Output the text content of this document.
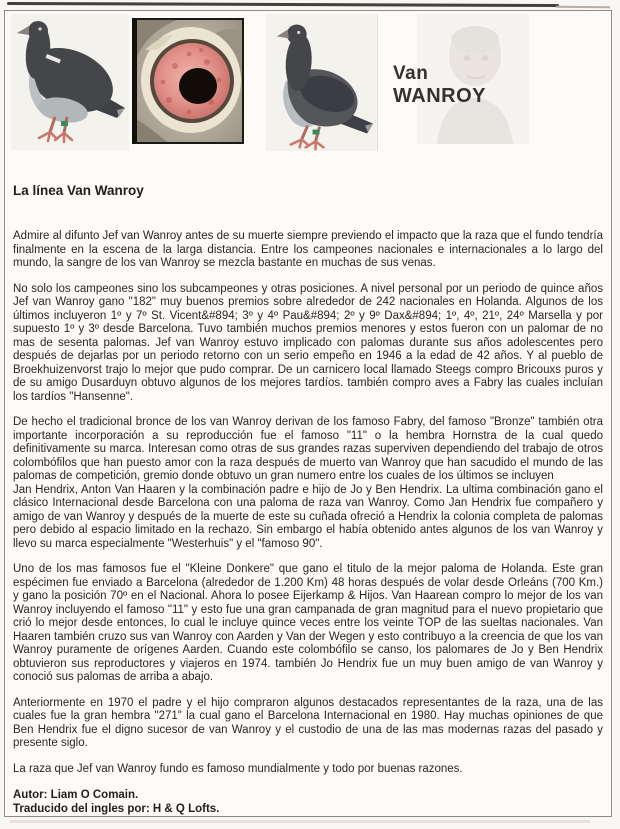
Van
WANROY
La línea Van Wanroy

Admire al difunto Jef van Wanroy antes de su muerte siempre previendo el impacto que la raza que el fundo tendría finalmente en la escena de la larga distancia. Entre los campeones nacionales e internacionales a lo largo del mundo, la sangre de los van Wanroy se mezcla bastante en muchas de sus venas.

No solo los campeones sino los subcampeones y otras posiciones. A nivel personal por un periodo de quince años Jef van Wanroy gano "182" muy buenos premios sobre alrededor de 242 nacionales en Holanda. Algunos de los últimos incluyeron 1º y 7º St. Vicent&#894; 3º y 4º Pau&#894; 2º y 9º Dax&#894; 1º, 4º, 21º, 24º Marsella y por supuesto 1º y 3º desde Barcelona. Tuvo también muchos premios menores y estos fueron con un palomar de no mas de sesenta palomas. Jef van Wanroy estuvo implicado con palomas durante sus años adolescentes pero después de dejarlas por un periodo retorno con un serio empeño en 1946 a la edad de 42 años. Y al pueblo de Broekhuizenvorst trajo lo mejor que pudo comprar. De un carnicero local llamado Steegs compro Bricouxs puros y de su amigo Dusarduyn obtuvo algunos de los mejores tardíos. también compro aves a Fabry las cuales incluían los tardíos "Hansenne".

De hecho el tradicional bronce de los van Wanroy derivan de los famoso Fabry, del famoso "Bronze" también otra importante incorporación a su reproducción fue el famoso "11" o la hembra Hornstra de la cual quedo definitivamente su marca. Interesan como otras de sus grandes razas superviven dependiendo del trabajo de otros colombófilos que han puesto amor con la raza después de muerto van Wanroy que han sacudido el mundo de las palomas de competición, gremio donde obtuvo un gran numero entre los cuales de los últimos se incluyen

Jan Hendrix, Anton Van Haaren y la combinación padre e hijo de Jo y Ben Hendrix. La ultima combinación gano el clásico Internacional desde Barcelona con una paloma de raza van Wanroy. Como Jan Hendrix fue compañero y amigo de van Wanroy y después de la muerte de este su cuñada ofreció a Hendrix la colonia completa de palomas pero debido al espacio limitado en la rechazo. Sin embargo el había obtenido antes algunos de los van Wanroy y llevo su marca especialmente "Westerhuis" y el "famoso 90".

Uno de los mas famosos fue el "Kleine Donkere" que gano el titulo de la mejor paloma de Holanda. Este gran espécimen fue enviado a Barcelona (alrededor de 1.200 Km) 48 horas después de volar desde Orleáns (700 Km.) y gano la posición 70º en el Nacional. Ahora lo posee Eijerkamp & Hijos. Van Haarean compro lo mejor de los van Wanroy incluyendo el famoso "11" y esto fue una gran campanada de gran magnitud para el nuevo propietario que crió lo mejor desde entonces, lo cual le incluye quince veces entre los veinte TOP de las sueltas nacionales. Van Haaren también cruzo sus van Wanroy con Aarden y Van der Wegen y esto contribuyo a la creencia de que los van Wanroy puramente de orígenes Aarden. Cuando este colombófilo se canso, los palomares de Jo y Ben Hendrix obtuvieron sus reproductores y viajeros en 1974. también Jo Hendrix fue un muy buen amigo de van Wanroy y conoció sus palomas de arriba a abajo.

Anteriormente en 1970 el padre y el hijo compraron algunos destacados representantes de la raza, una de las cuales fue la gran hembra "271" la cual gano el Barcelona Internacional en 1980. Hay muchas opiniones de que Ben Hendrix fue el digno sucesor de van Wanroy y el custodio de una de las mas modernas razas del pasado y presente siglo.

La raza que Jef van Wanroy fundo es famoso mundialmente y todo por buenas razones.

Autor: Liam O Comain.
Traducido del ingles por: H & Q Lofts.
